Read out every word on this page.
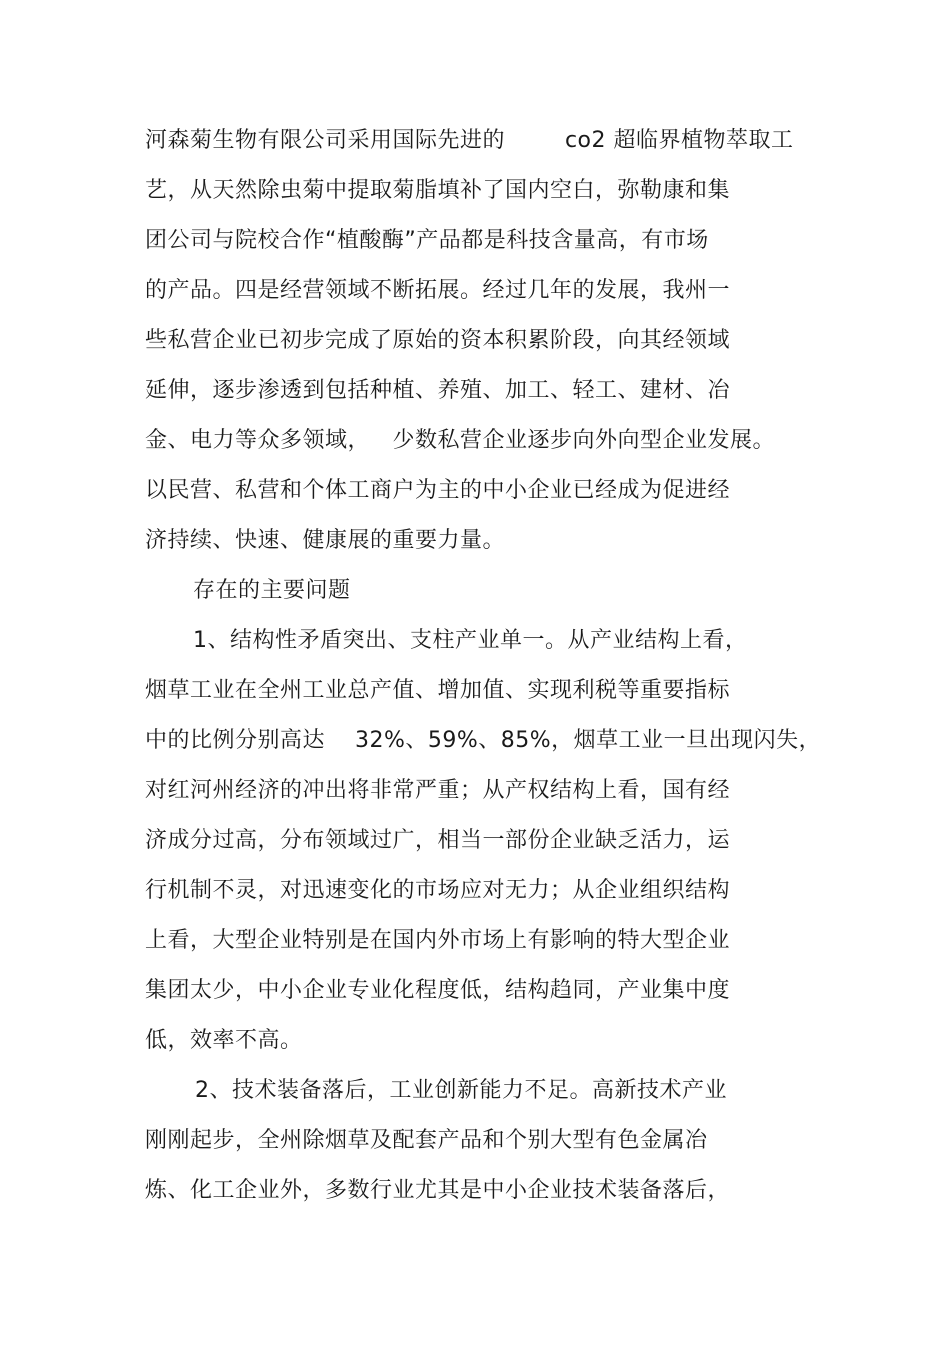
河森菊生物有限公司采用国际先进的        co2 超临界植物萃取工
艺，从天然除虫菊中提取菊脂填补了国内空白，弥勒康和集
团公司与院校合作“植酸酶”产品都是科技含量高，有市场
的产品。四是经营领域不断拓展。经过几年的发展，我州一
些私营企业已初步完成了原始的资本积累阶段，向其经领域
延伸，逐步渗透到包括种植、养殖、加工、轻工、建材、冶
金、电力等众多领域，   少数私营企业逐步向外向型企业发展。
以民营、私营和个体工商户为主的中小企业已经成为促进经
济持续、快速、健康展的重要力量。
存在的主要问题
1、结构性矛盾突出、支柱产业单一。从产业结构上看，
烟草工业在全州工业总产值、增加值、实现利税等重要指标
中的比例分别高达    32%、59%、85%，烟草工业一旦出现闪失，
对红河州经济的冲出将非常严重；从产权结构上看，国有经
济成分过高，分布领域过广，相当一部份企业缺乏活力，运
行机制不灵，对迅速变化的市场应对无力；从企业组织结构
上看，大型企业特别是在国内外市场上有影响的特大型企业
集团太少，中小企业专业化程度低，结构趋同，产业集中度
低，效率不高。
2、技术装备落后，工业创新能力不足。高新技术产业
刚刚起步，全州除烟草及配套产品和个别大型有色金属冶
炼、化工企业外，多数行业尤其是中小企业技术装备落后，
